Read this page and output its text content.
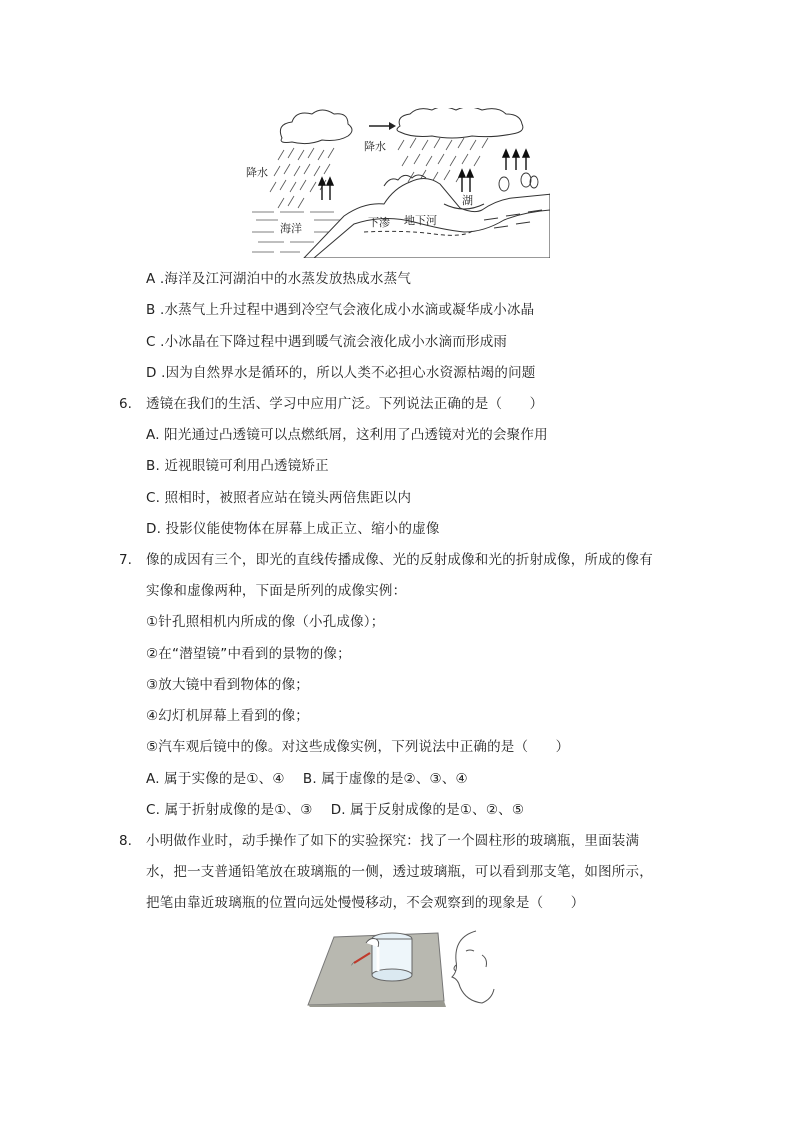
降水
降水
海洋
湖
下渗 地下河
A .海洋及江河湖泊中的水蒸发放热成水蒸气
B .水蒸气上升过程中遇到冷空气会液化成小水滴或凝华成小冰晶
C .小冰晶在下降过程中遇到暖气流会液化成小水滴而形成雨
D .因为自然界水是循环的，所以人类不必担心水资源枯竭的问题
6. 透镜在我们的生活、学习中应用广泛。下列说法正确的是（　　）
A. 阳光通过凸透镜可以点燃纸屑，这利用了凸透镜对光的会聚作用
B. 近视眼镜可利用凸透镜矫正
C. 照相时，被照者应站在镜头两倍焦距以内
D. 投影仪能使物体在屏幕上成正立、缩小的虚像
7. 像的成因有三个，即光的直线传播成像、光的反射成像和光的折射成像，所成的像有
实像和虚像两种，下面是所列的成像实例：
①针孔照相机内所成的像（小孔成像）；
②在“潜望镜”中看到的景物的像；
③放大镜中看到物体的像；
④幻灯机屏幕上看到的像；
⑤汽车观后镜中的像。对这些成像实例，下列说法中正确的是（　　）
A. 属于实像的是①、④　 B. 属于虚像的是②、③、④
C. 属于折射成像的是①、③　 D. 属于反射成像的是①、②、⑤
8. 小明做作业时，动手操作了如下的实验探究：找了一个圆柱形的玻璃瓶，里面装满
水，把一支普通铅笔放在玻璃瓶的一侧，透过玻璃瓶，可以看到那支笔，如图所示，
把笔由靠近玻璃瓶的位置向远处慢慢移动，不会观察到的现象是（　　）
